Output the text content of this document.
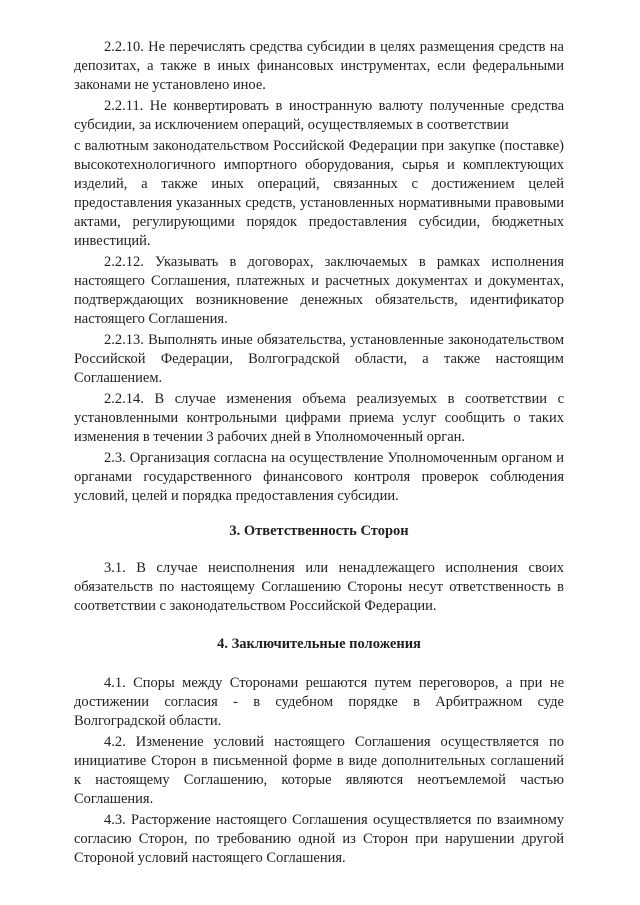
2.2.10. Не перечислять средства субсидии в целях размещения средств на депозитах, а также в иных финансовых инструментах, если федеральными законами не установлено иное.

2.2.11. Не конвертировать в иностранную валюту полученные средства субсидии, за исключением операций, осуществляемых в соответствии

с валютным законодательством Российской Федерации при закупке (поставке) высокотехнологичного импортного оборудования, сырья и комплектующих изделий, а также иных операций, связанных с достижением целей предоставления указанных средств, установленных нормативными правовыми актами, регулирующими порядок предоставления субсидии, бюджетных инвестиций.

2.2.12. Указывать в договорах, заключаемых в рамках исполнения настоящего Соглашения, платежных и расчетных документах и документах, подтверждающих возникновение денежных обязательств, идентификатор настоящего Соглашения.

2.2.13. Выполнять иные обязательства, установленные законодательством Российской Федерации, Волгоградской области, а также настоящим Соглашением.

2.2.14. В случае изменения объема реализуемых в соответствии с установленными контрольными цифрами приема услуг сообщить о таких изменения в течении 3 рабочих дней в Уполномоченный орган.

2.3. Организация согласна на осуществление Уполномоченным органом и органами государственного финансового контроля проверок соблюдения условий, целей и порядка предоставления субсидии.

3. Ответственность Сторон

3.1. В случае неисполнения или ненадлежащего исполнения своих обязательств по настоящему Соглашению Стороны несут ответственность в соответствии с законодательством Российской Федерации.

4. Заключительные положения

4.1. Споры между Сторонами решаются путем переговоров, а при не достижении согласия - в судебном порядке в Арбитражном суде Волгоградской области.

4.2. Изменение условий настоящего Соглашения осуществляется по инициативе Сторон в письменной форме в виде дополнительных соглашений к настоящему Соглашению, которые являются неотъемлемой частью Соглашения.

4.3. Расторжение настоящего Соглашения осуществляется по взаимному согласию Сторон, по требованию одной из Сторон при нарушении другой Стороной условий настоящего Соглашения.
